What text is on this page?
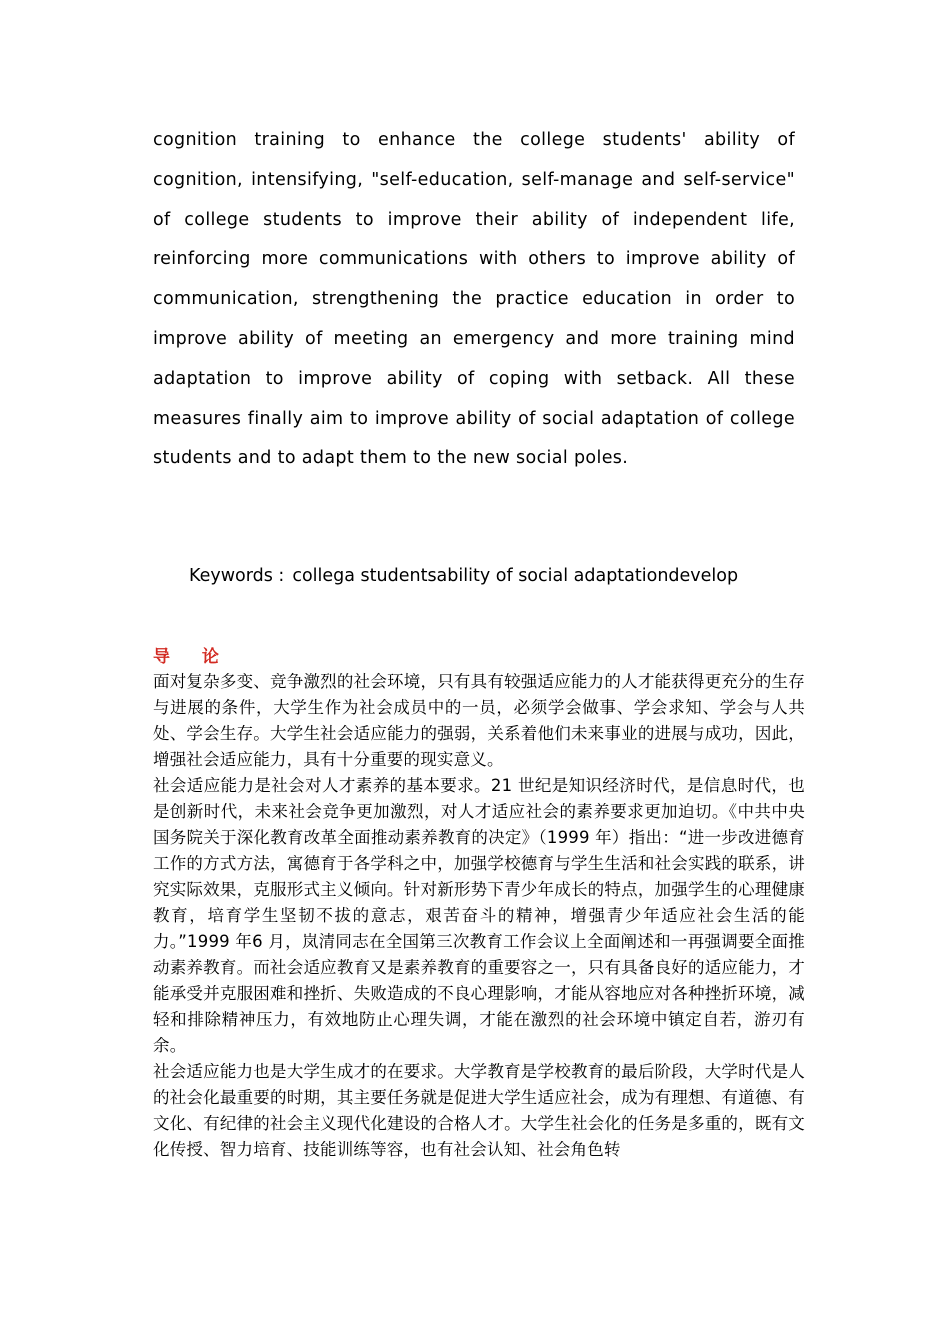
cognition training to enhance the college students' ability of cognition, intensifying, "self-education, self-manage and self-service" of college students to improve their ability of independent life, reinforcing more communications with others to improve ability of communication, strengthening the practice education in order to improve ability of meeting an emergency and more training mind adaptation to improve ability of coping with setback. All these measures finally aim to improve ability of social adaptation of college students and to adapt them to the new social poles.

Keywords : collega studentsability of social adaptationdevelop

导 论

面对复杂多变、竞争激烈的社会环境，只有具有较强适应能力的人才能获得更充分的生存与进展的条件，大学生作为社会成员中的一员，必须学会做事、学会求知、学会与人共处、学会生存。大学生社会适应能力的强弱，关系着他们未来事业的进展与成功，因此，增强社会适应能力，具有十分重要的现实意义。

社会适应能力是社会对人才素养的基本要求。21 世纪是知识经济时代，是信息时代，也是创新时代，未来社会竞争更加激烈，对人才适应社会的素养要求更加迫切。《中共中央国务院关于深化教育改革全面推动素养教育的决定》（1999 年）指出：“进一步改进德育工作的方式方法，寓德育于各学科之中，加强学校德育与学生生活和社会实践的联系，讲究实际效果，克服形式主义倾向。针对新形势下青少年成长的特点，加强学生的心理健康教育，培育学生坚韧不拔的意志，艰苦奋斗的精神，增强青少年适应社会生活的能力。”1999 年6 月，岚清同志在全国第三次教育工作会议上全面阐述和一再强调要全面推动素养教育。而社会适应教育又是素养教育的重要容之一，只有具备良好的适应能力，才能承受并克服困难和挫折、失败造成的不良心理影响，才能从容地应对各种挫折环境，减轻和排除精神压力，有效地防止心理失调，才能在激烈的社会环境中镇定自若，游刃有余。

社会适应能力也是大学生成才的在要求。大学教育是学校教育的最后阶段，大学时代是人的社会化最重要的时期，其主要任务就是促进大学生适应社会，成为有理想、有道德、有文化、有纪律的社会主义现代化建设的合格人才。大学生社会化的任务是多重的，既有文化传授、智力培育、技能训练等容，也有社会认知、社会角色转
